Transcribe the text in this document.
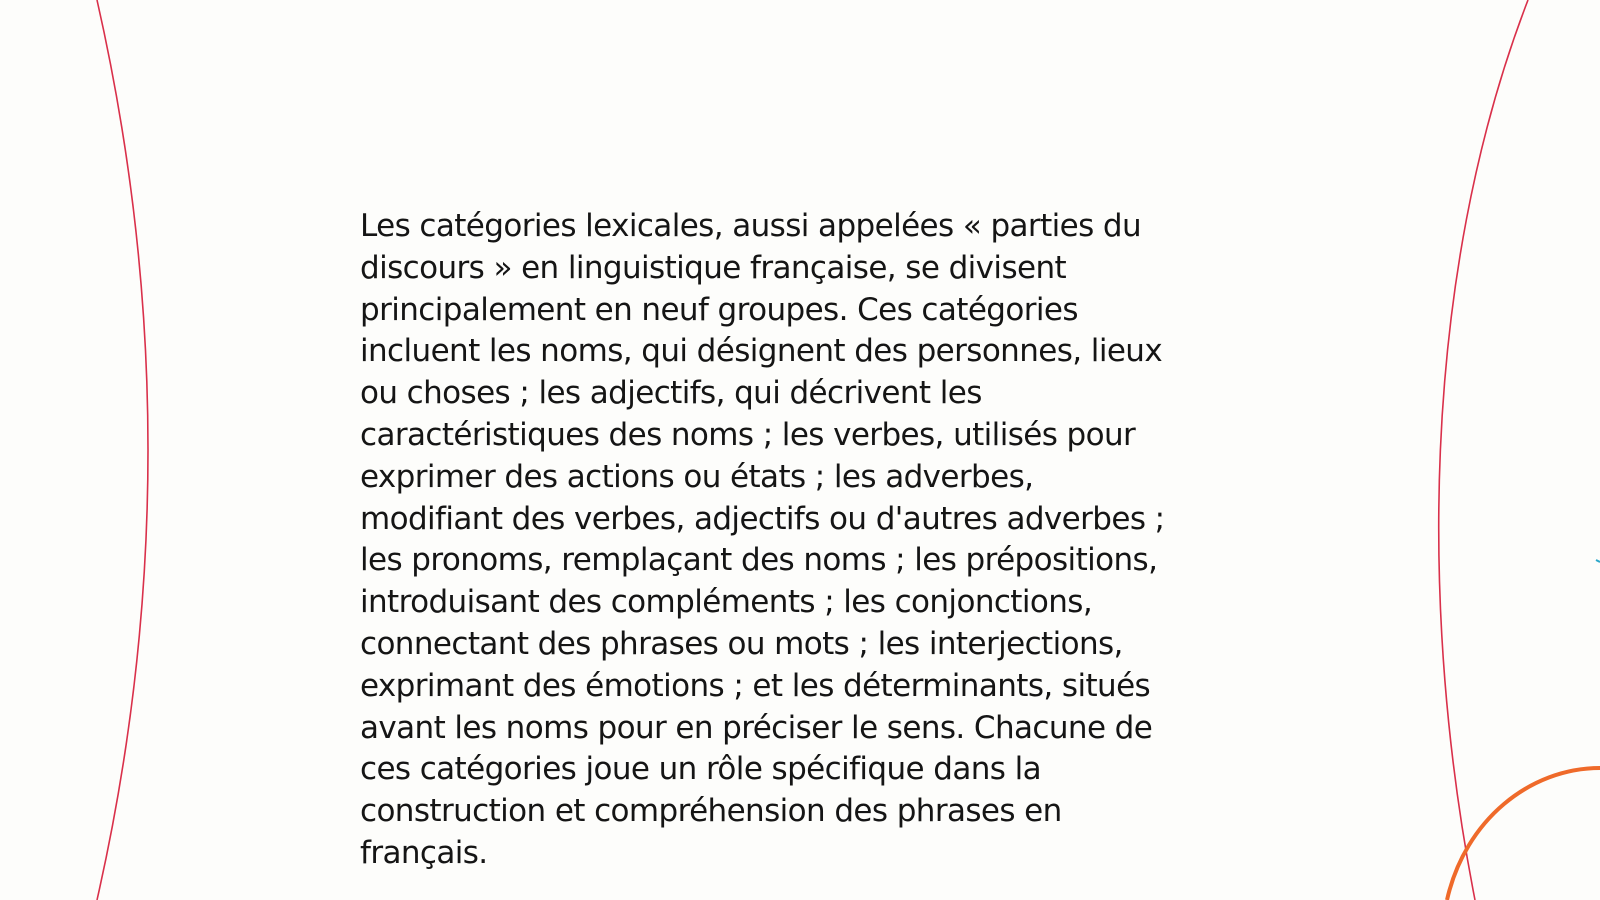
Les catégories lexicales, aussi appelées « parties du
discours » en linguistique française, se divisent
principalement en neuf groupes. Ces catégories
incluent les noms, qui désignent des personnes, lieux
ou choses ; les adjectifs, qui décrivent les
caractéristiques des noms ; les verbes, utilisés pour
exprimer des actions ou états ; les adverbes,
modifiant des verbes, adjectifs ou d'autres adverbes ;
les pronoms, remplaçant des noms ; les prépositions,
introduisant des compléments ; les conjonctions,
connectant des phrases ou mots ; les interjections,
exprimant des émotions ; et les déterminants, situés
avant les noms pour en préciser le sens. Chacune de
ces catégories joue un rôle spécifique dans la
construction et compréhension des phrases en
français.
